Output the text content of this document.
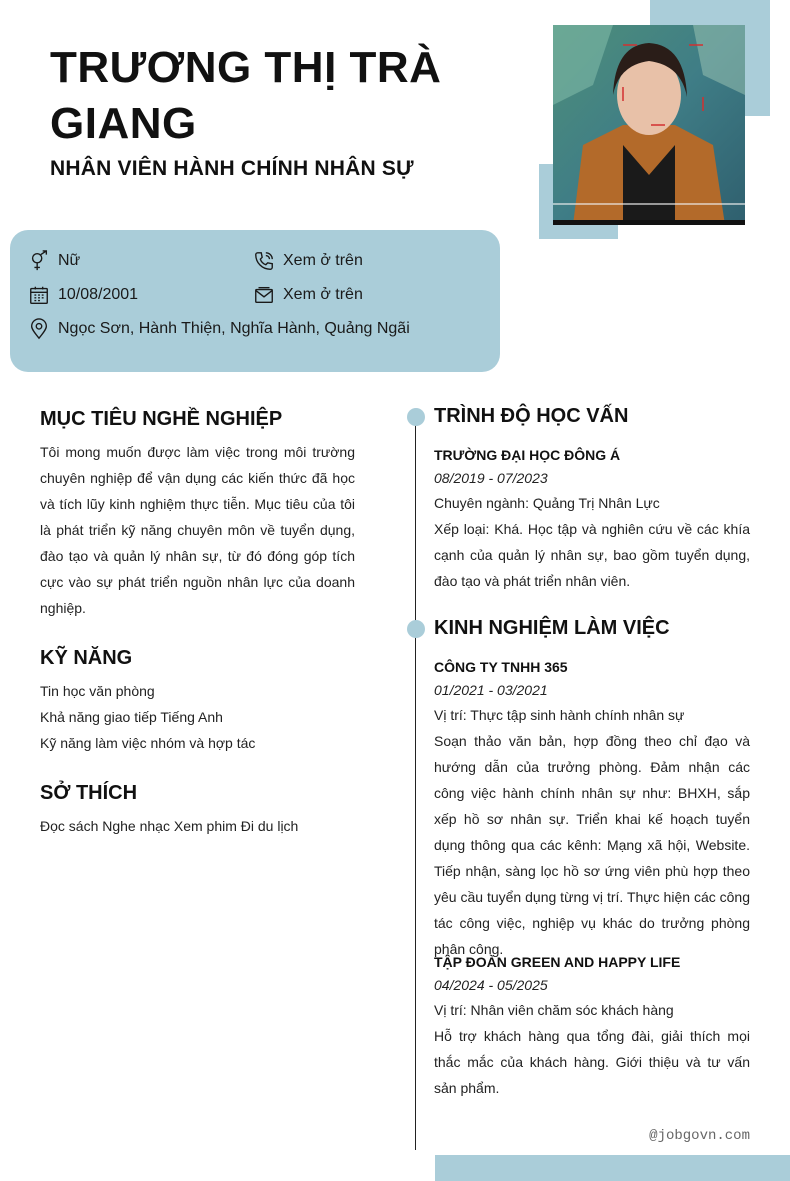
TRƯƠNG THỊ TRÀ GIANG
NHÂN VIÊN HÀNH CHÍNH NHÂN SỰ
Nữ
10/08/2001
Ngọc Sơn, Hành Thiện, Nghĩa Hành, Quảng Ngãi
Xem ở trên
Xem ở trên
MỤC TIÊU NGHỀ NGHIỆP
Tôi mong muốn được làm việc trong môi trường chuyên nghiệp để vận dụng các kiến thức đã học và tích lũy kinh nghiệm thực tiễn. Mục tiêu của tôi là phát triển kỹ năng chuyên môn về tuyển dụng, đào tạo và quản lý nhân sự, từ đó đóng góp tích cực vào sự phát triển nguồn nhân lực của doanh nghiệp.
KỸ NĂNG
Tin học văn phòng
Khả năng giao tiếp Tiếng Anh
Kỹ năng làm việc nhóm và hợp tác
SỞ THÍCH
Đọc sách Nghe nhạc Xem phim Đi du lịch
TRÌNH ĐỘ HỌC VẤN
TRƯỜNG ĐẠI HỌC ĐÔNG Á
08/2019 - 07/2023
Chuyên ngành: Quảng Trị Nhân Lực
Xếp loại: Khá. Học tập và nghiên cứu về các khía cạnh của quản lý nhân sự, bao gồm tuyển dụng, đào tạo và phát triển nhân viên.
KINH NGHIỆM LÀM VIỆC
CÔNG TY TNHH 365
01/2021 - 03/2021
Vị trí: Thực tập sinh hành chính nhân sự
Soạn thảo văn bản, hợp đồng theo chỉ đạo và hướng dẫn của trưởng phòng. Đảm nhận các công việc hành chính nhân sự như: BHXH, sắp xếp hồ sơ nhân sự. Triển khai kế hoạch tuyển dụng thông qua các kênh: Mạng xã hội, Website. Tiếp nhận, sàng lọc hồ sơ ứng viên phù hợp theo yêu cầu tuyển dụng từng vị trí. Thực hiện các công tác công việc, nghiệp vụ khác do trưởng phòng phân công.
TẬP ĐOÀN GREEN AND HAPPY LIFE
04/2024 - 05/2025
Vị trí: Nhân viên chăm sóc khách hàng
Hỗ trợ khách hàng qua tổng đài, giải thích mọi thắc mắc của khách hàng. Giới thiệu và tư vấn sản phẩm.
@jobgovn.com
